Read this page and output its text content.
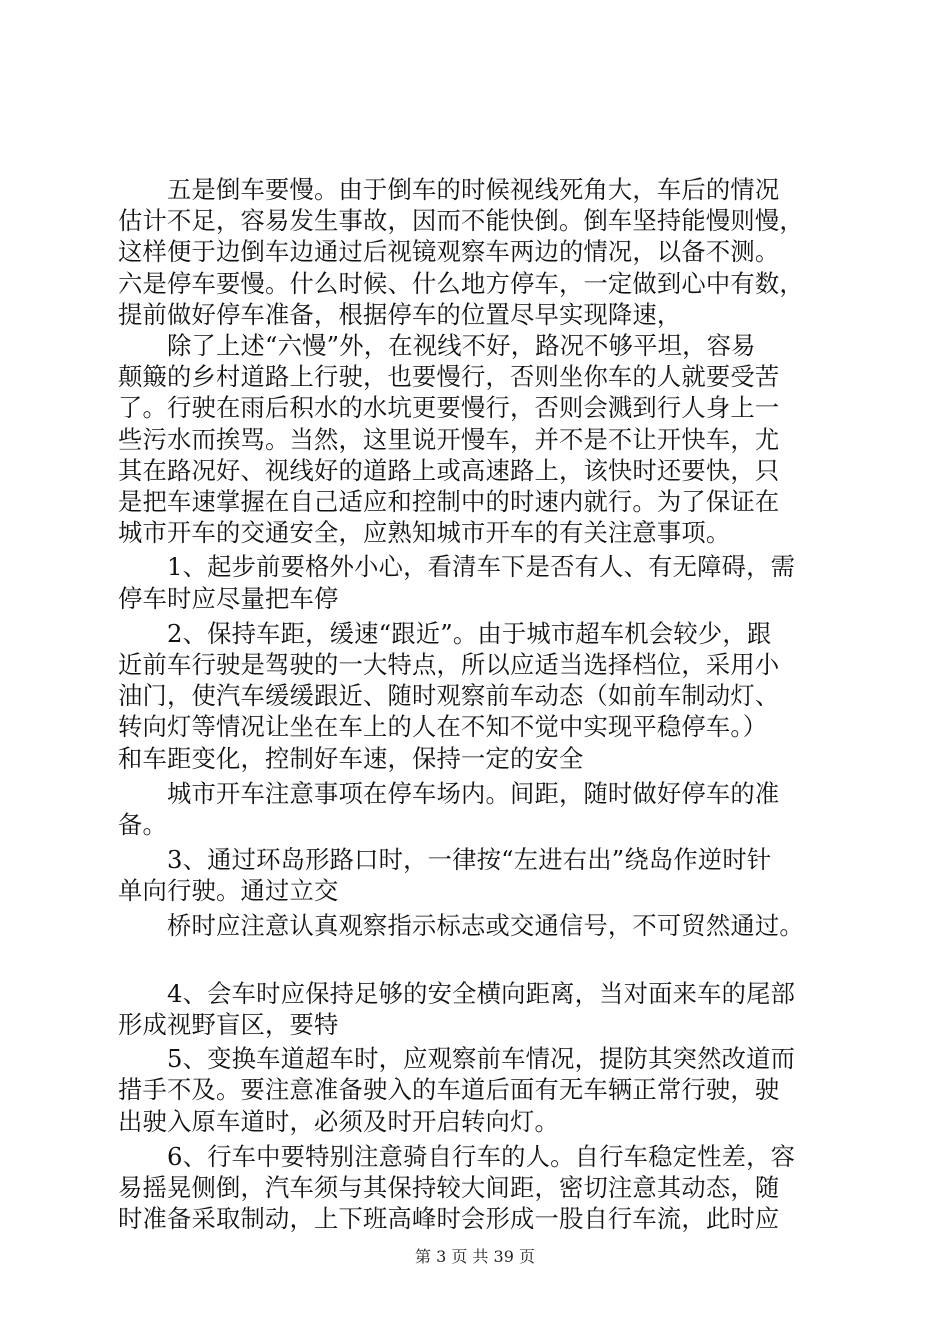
　　五是倒车要慢。由于倒车的时候视线死角大，车后的情况
估计不足，容易发生事故，因而不能快倒。倒车坚持能慢则慢，
这样便于边倒车边通过后视镜观察车两边的情况，以备不测。
六是停车要慢。什么时候、什么地方停车，一定做到心中有数，
提前做好停车准备，根据停车的位置尽早实现降速，

　　除了上述“六慢”外，在视线不好，路况不够平坦，容易
颠簸的乡村道路上行驶，也要慢行，否则坐你车的人就要受苦
了。行驶在雨后积水的水坑更要慢行，否则会溅到行人身上一
些污水而挨骂。当然，这里说开慢车，并不是不让开快车，尤
其在路况好、视线好的道路上或高速路上，该快时还要快，只
是把车速掌握在自己适应和控制中的时速内就行。为了保证在
城市开车的交通安全，应熟知城市开车的有关注意事项。

　　1、起步前要格外小心，看清车下是否有人、有无障碍，需
停车时应尽量把车停

　　2、保持车距，缓速“跟近”。由于城市超车机会较少，跟
近前车行驶是驾驶的一大特点，所以应适当选择档位，采用小
油门，使汽车缓缓跟近、随时观察前车动态（如前车制动灯、
转向灯等情况让坐在车上的人在不知不觉中实现平稳停车。）
和车距变化，控制好车速，保持一定的安全

　　城市开车注意事项在停车场内。间距，随时做好停车的准
备。

　　3、通过环岛形路口时，一律按“左进右出”绕岛作逆时针
单向行驶。通过立交

　　桥时应注意认真观察指示标志或交通信号，不可贸然通过。

　　4、会车时应保持足够的安全横向距离，当对面来车的尾部
形成视野盲区，要特

　　5、变换车道超车时，应观察前车情况，提防其突然改道而
措手不及。要注意准备驶入的车道后面有无车辆正常行驶，驶
出驶入原车道时，必须及时开启转向灯。

　　6、行车中要特别注意骑自行车的人。自行车稳定性差，容
易摇晃侧倒，汽车须与其保持较大间距，密切注意其动态，随
时准备采取制动，上下班高峰时会形成一股自行车流，此时应

第 3 页 共 39 页
